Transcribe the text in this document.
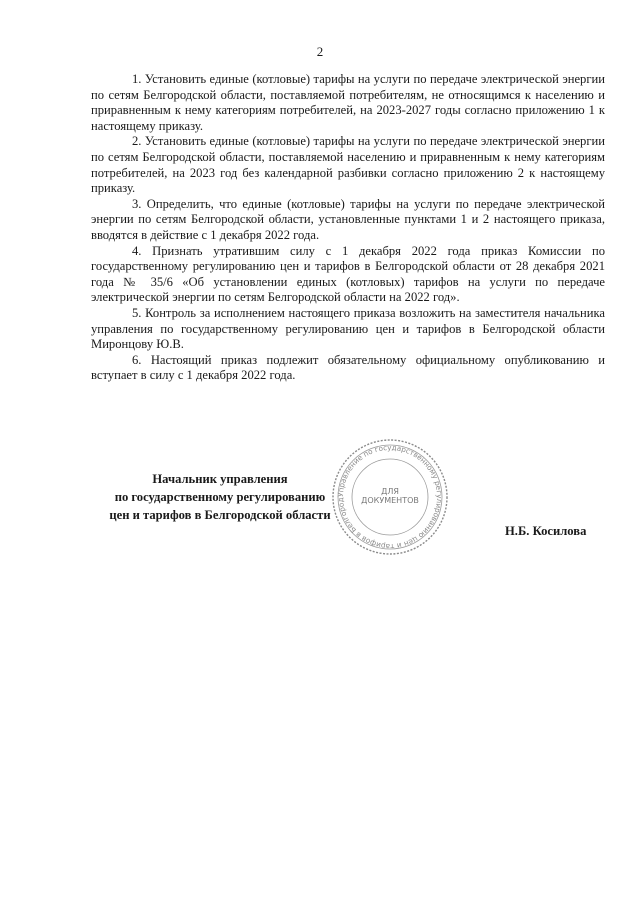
2

1. Установить единые (котловые) тарифы на услуги по передаче электрической энергии по сетям Белгородской области, поставляемой потребителям, не относящимся к населению и приравненным к нему категориям потребителей, на 2023-2027 годы согласно приложению 1 к настоящему приказу.

2. Установить единые (котловые) тарифы на услуги по передаче электрической энергии по сетям Белгородской области, поставляемой населению и приравненным к нему категориям потребителей, на 2023 год без календарной разбивки согласно приложению 2 к настоящему приказу.

3. Определить, что единые (котловые) тарифы на услуги по передаче электрической энергии по сетям Белгородской области, установленные пунктами 1 и 2 настоящего приказа, вводятся в действие с 1 декабря 2022 года.

4. Признать утратившим силу с 1 декабря 2022 года приказ Комиссии по государственному регулированию цен и тарифов в Белгородской области от 28 декабря 2021 года № 35/6 «Об установлении единых (котловых) тарифов на услуги по передаче электрической энергии по сетям Белгородской области на 2022 год».

5. Контроль за исполнением настоящего приказа возложить на заместителя начальника управления по государственному регулированию цен и тарифов в Белгородской области Миронцову Ю.В.

6. Настоящий приказ подлежит обязательному официальному опубликованию и вступает в силу с 1 декабря 2022 года.

Начальник управления
по государственному регулированию
цен и тарифов в Белгородской области
Н.Б. Косилова
Управление по государственному регулированию цен и тарифов в Белгород
ДЛЯ
ДОКУМЕНТОВ
